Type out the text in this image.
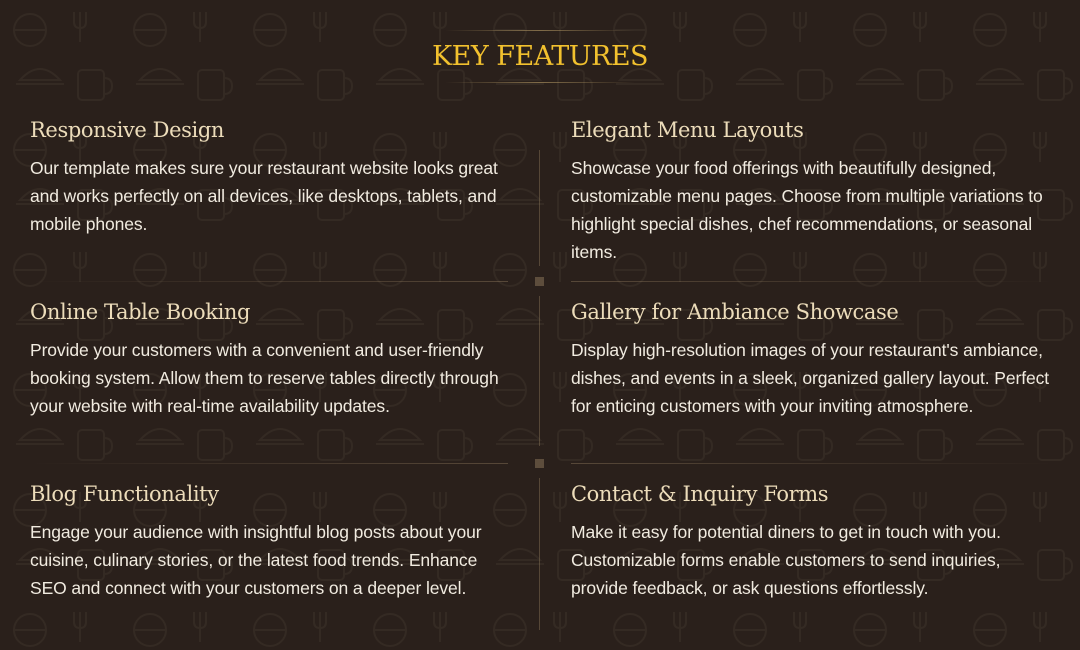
KEY FEATURES
Responsive Design

Our template makes sure your restaurant website looks great and works perfectly on all devices, like desktops, tablets, and mobile phones.

Elegant Menu Layouts

Showcase your food offerings with beautifully designed, customizable menu pages. Choose from multiple variations to highlight special dishes, chef recommendations, or seasonal items.

Online Table Booking

Provide your customers with a convenient and user-friendly booking system. Allow them to reserve tables directly through your website with real-time availability updates.

Gallery for Ambiance Showcase

Display high-resolution images of your restaurant's ambiance, dishes, and events in a sleek, organized gallery layout. Perfect for enticing customers with your inviting atmosphere.

Blog Functionality

Engage your audience with insightful blog posts about your cuisine, culinary stories, or the latest food trends. Enhance SEO and connect with your customers on a deeper level.

Contact & Inquiry Forms

Make it easy for potential diners to get in touch with you. Customizable forms enable customers to send inquiries, provide feedback, or ask questions effortlessly.
